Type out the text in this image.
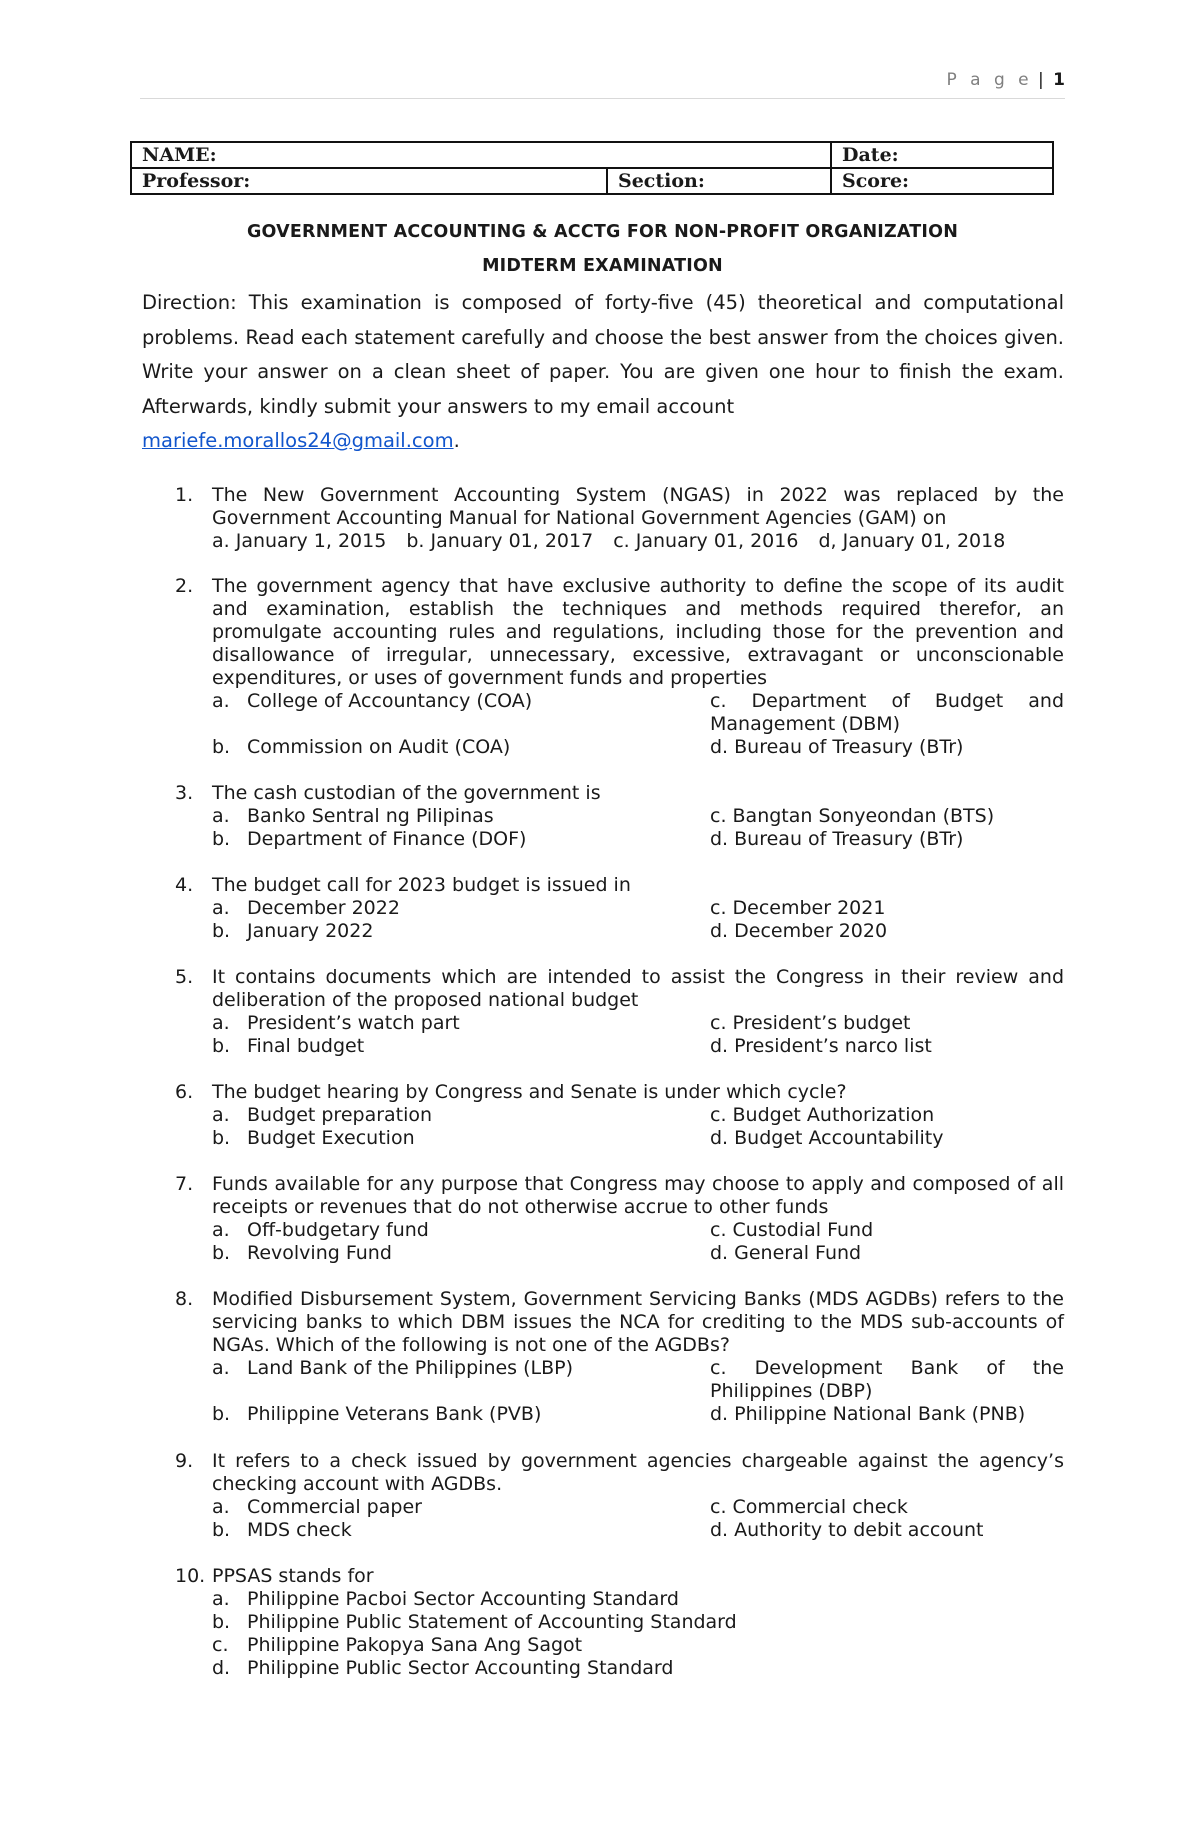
P a g e | 1
NAME:		Date:
Professor:	Section:	Score:
GOVERNMENT ACCOUNTING & ACCTG FOR NON-PROFIT ORGANIZATION
MIDTERM EXAMINATION
Direction: This examination is composed of forty-five (45) theoretical and computational problems. Read each statement carefully and choose the best answer from the choices given. Write your answer on a clean sheet of paper. You are given one hour to finish the exam. Afterwards, kindly submit your answers to my email account
mariefe.morallos24@gmail.com.
1. The New Government Accounting System (NGAS) in 2022 was replaced by the Government Accounting Manual for National Government Agencies (GAM) on
a. January 1, 2015 b. January 01, 2017 c. January 01, 2016 d, January 01, 2018
2. The government agency that have exclusive authority to define the scope of its audit and examination, establish the techniques and methods required therefor, an promulgate accounting rules and regulations, including those for the prevention and disallowance of irregular, unnecessary, excessive, extravagant or unconscionable expenditures, or uses of government funds and properties
a. College of Accountancy (COA)	c. Department of Budget and Management (DBM)
b. Commission on Audit (COA)	d. Bureau of Treasury (BTr)
3. The cash custodian of the government is
a. Banko Sentral ng Pilipinas	c. Bangtan Sonyeondan (BTS)
b. Department of Finance (DOF)	d. Bureau of Treasury (BTr)
4. The budget call for 2023 budget is issued in
a. December 2022	c. December 2021
b. January 2022	d. December 2020
5. It contains documents which are intended to assist the Congress in their review and deliberation of the proposed national budget
a. President’s watch part	c. President’s budget
b. Final budget	d. President’s narco list
6. The budget hearing by Congress and Senate is under which cycle?
a. Budget preparation	c. Budget Authorization
b. Budget Execution	d. Budget Accountability
7. Funds available for any purpose that Congress may choose to apply and composed of all receipts or revenues that do not otherwise accrue to other funds
a. Off-budgetary fund	c. Custodial Fund
b. Revolving Fund	d. General Fund
8. Modified Disbursement System, Government Servicing Banks (MDS AGDBs) refers to the servicing banks to which DBM issues the NCA for crediting to the MDS sub-accounts of NGAs. Which of the following is not one of the AGDBs?
a. Land Bank of the Philippines (LBP)	c. Development Bank of the Philippines (DBP)
b. Philippine Veterans Bank (PVB)	d. Philippine National Bank (PNB)
9. It refers to a check issued by government agencies chargeable against the agency’s checking account with AGDBs.
a. Commercial paper	c. Commercial check
b. MDS check	d. Authority to debit account
10. PPSAS stands for
a. Philippine Pacboi Sector Accounting Standard
b. Philippine Public Statement of Accounting Standard
c. Philippine Pakopya Sana Ang Sagot
d. Philippine Public Sector Accounting Standard
